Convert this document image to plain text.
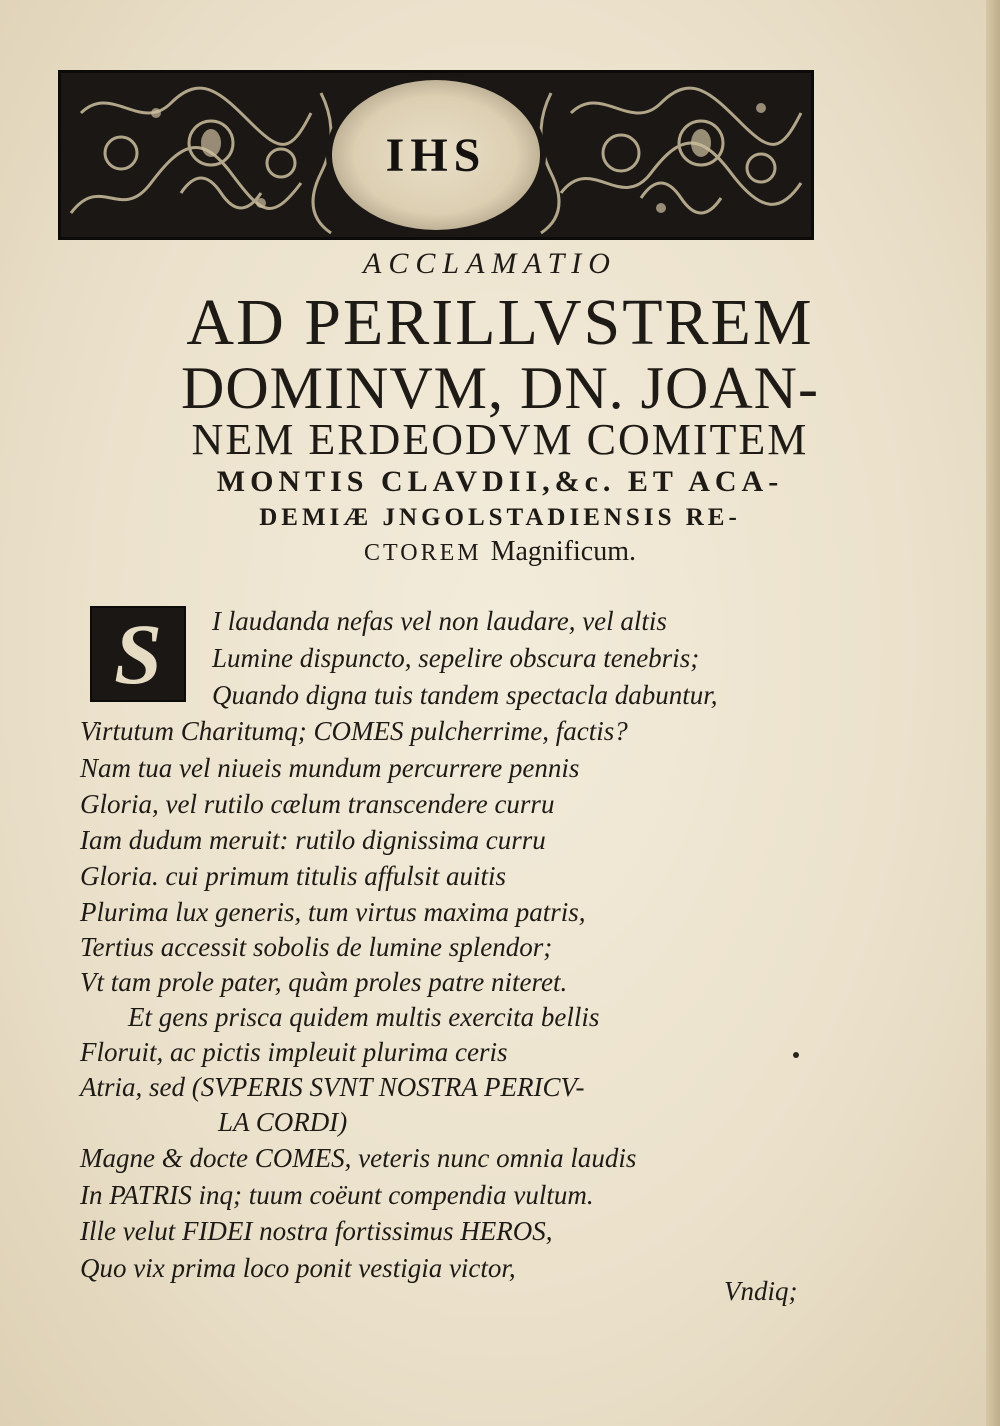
IHS
ACCLAMATIO
AD PERILLVSTREM
DOMINVM, DN. JOAN-
NEM ERDEODVM COMITEM
MONTIS CLAVDII,&c. ET ACA-
DEMIÆ JNGOLSTADIENSIS RE-
CTOREM Magnificum.
S I laudanda nefas vel non laudare, vel altis
Lumine dispuncto, sepelire obscura tenebris;
Quando digna tuis tandem spectacla dabuntur,
Virtutum Charitumq; COMES pulcherrime, factis?
Nam tua vel niueis mundum percurrere pennis
Gloria, vel rutilo cælum transcendere curru
Iam dudum meruit: rutilo dignissima curru
Gloria. cui primum titulis affulsit auitis
Plurima lux generis, tum virtus maxima patris,
Tertius accessit sobolis de lumine splendor;
Vt tam prole pater, quàm proles patre niteret.
Et gens prisca quidem multis exercita bellis
Floruit, ac pictis impleuit plurima ceris
Atria, sed (SVPERIS SVNT NOSTRA PERICV-
LA CORDI)
Magne & docte COMES, veteris nunc omnia laudis
In PATRIS inq; tuum coëunt compendia vultum.
Ille velut FIDEI nostra fortissimus HEROS,
Quo vix prima loco ponit vestigia victor,
Vndiq;
